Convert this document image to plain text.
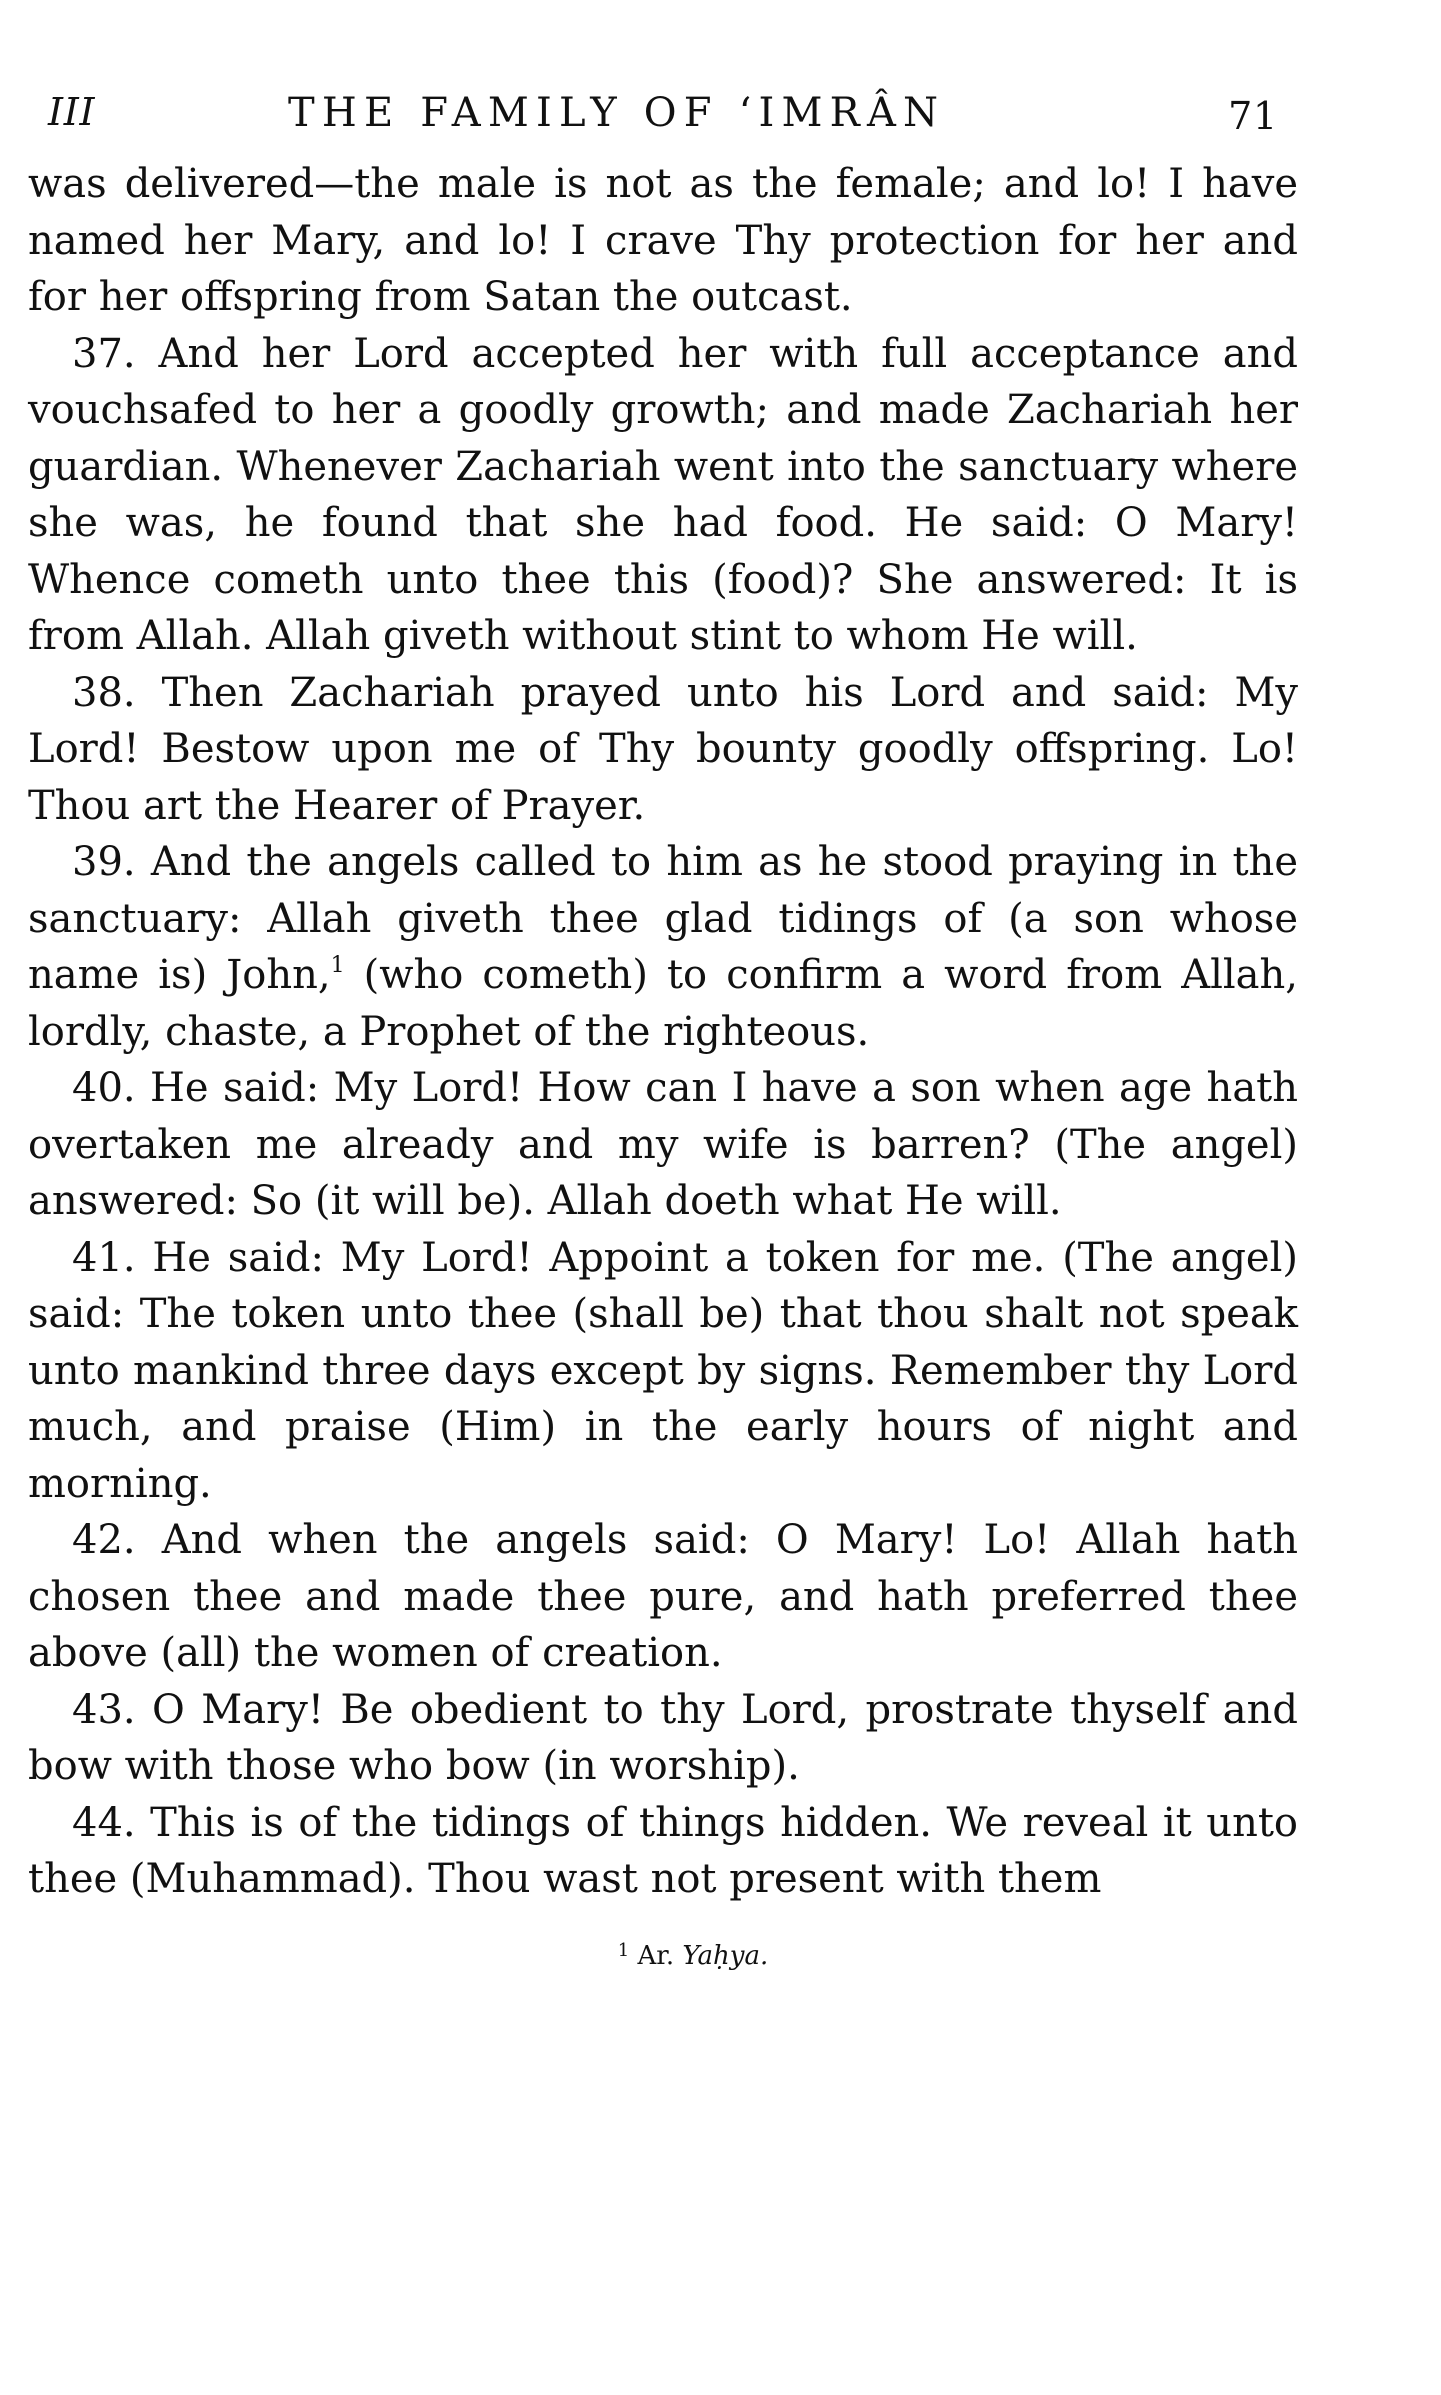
III	THE FAMILY OF ‘IMRÂN	71

was delivered—the male is not as the female; and lo! I have named her Mary, and lo! I crave Thy protection for her and for her offspring from Satan the outcast.

37. And her Lord accepted her with full acceptance and vouchsafed to her a goodly growth; and made Zachariah her guardian. Whenever Zachariah went into the sanctuary where she was, he found that she had food. He said: O Mary! Whence cometh unto thee this (food)? She answered: It is from Allah. Allah giveth without stint to whom He will.

38. Then Zachariah prayed unto his Lord and said: My Lord! Bestow upon me of Thy bounty goodly offspring. Lo! Thou art the Hearer of Prayer.

39. And the angels called to him as he stood praying in the sanctuary: Allah giveth thee glad tidings of (a son whose name is) John,$^1$ (who cometh) to confirm a word from Allah, lordly, chaste, a Prophet of the righteous.

40. He said: My Lord! How can I have a son when age hath overtaken me already and my wife is barren? (The angel) answered: So (it will be). Allah doeth what He will.

41. He said: My Lord! Appoint a token for me. (The angel) said: The token unto thee (shall be) that thou shalt not speak unto mankind three days except by signs. Remember thy Lord much, and praise (Him) in the early hours of night and morning.

42. And when the angels said: O Mary! Lo! Allah hath chosen thee and made thee pure, and hath preferred thee above (all) the women of creation.

43. O Mary! Be obedient to thy Lord, prostrate thyself and bow with those who bow (in worship).

44. This is of the tidings of things hidden. We reveal it unto thee (Muhammad). Thou wast not present with them

$^1$ Ar. Yaḥya.
